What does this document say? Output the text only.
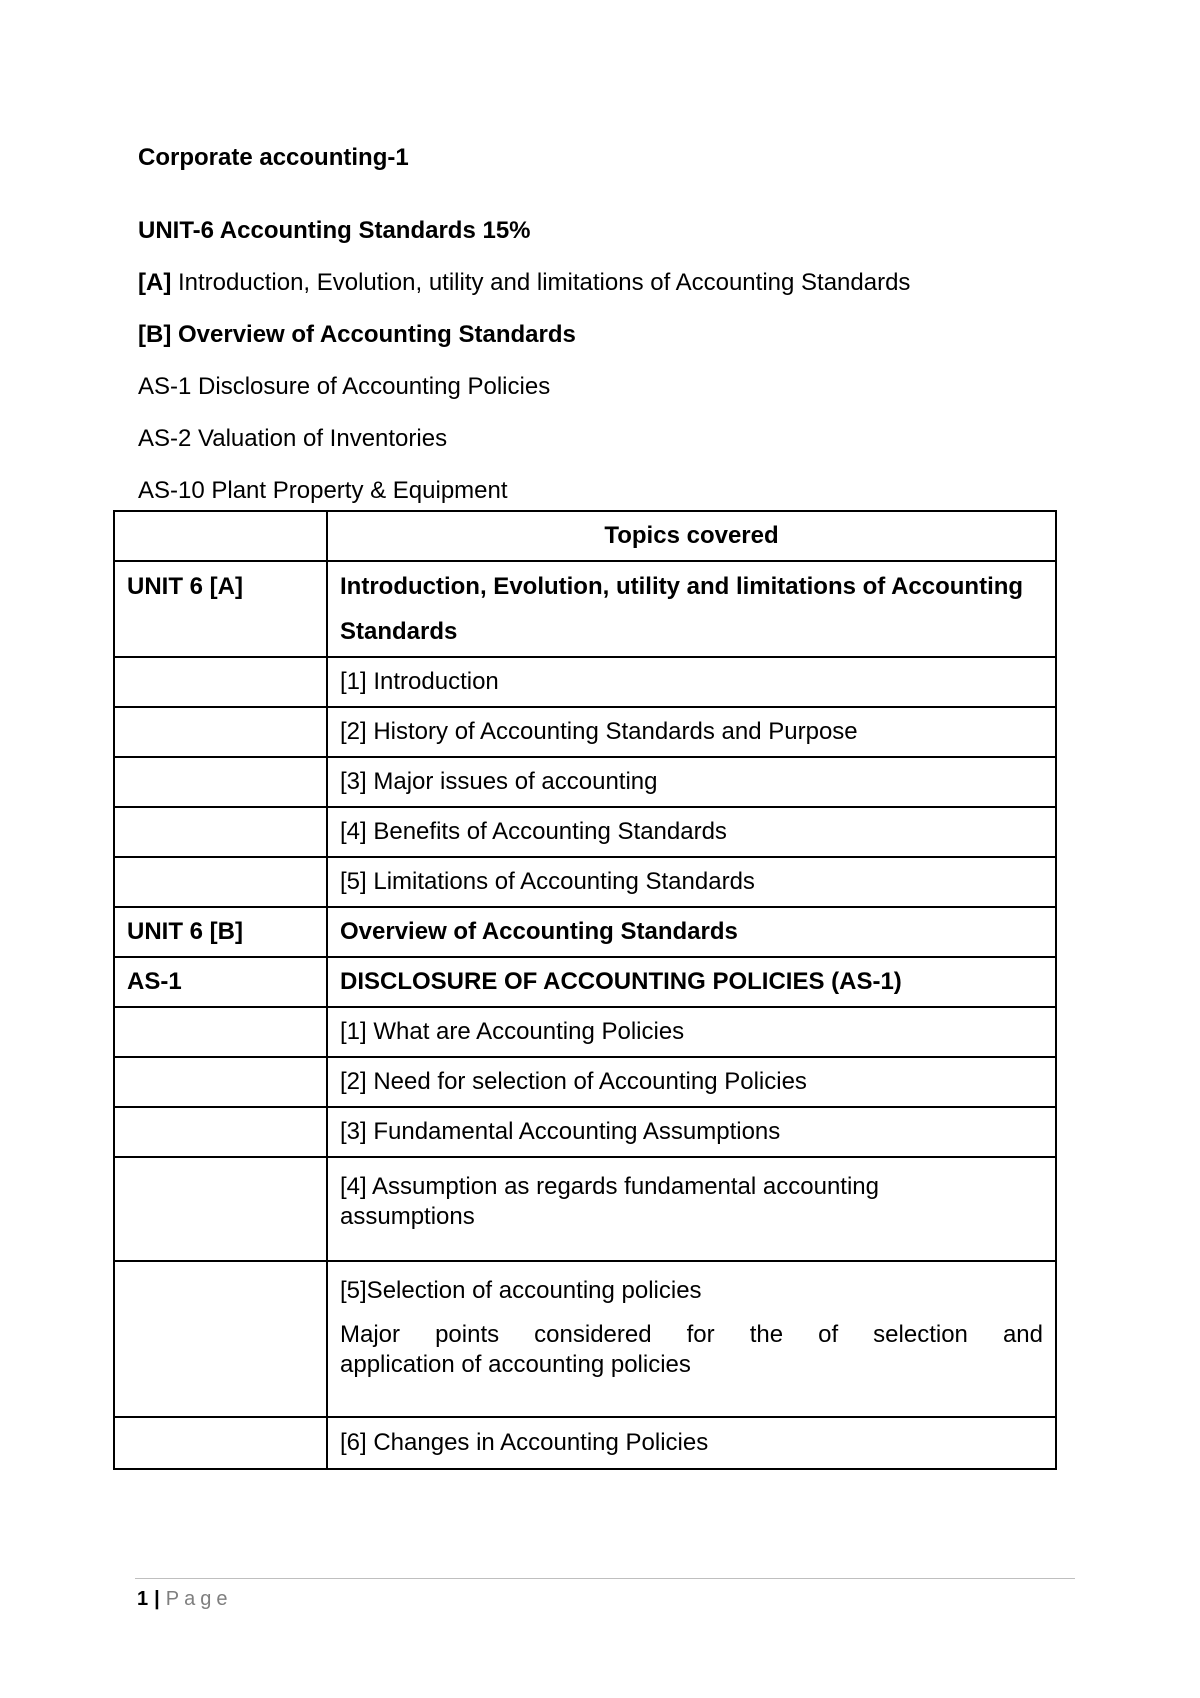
Corporate accounting-1
UNIT-6 Accounting Standards 15%
[A] Introduction, Evolution, utility and limitations of Accounting Standards
[B] Overview of Accounting Standards
AS-1 Disclosure of Accounting Policies
AS-2 Valuation of Inventories
AS-10 Plant Property & Equipment
	Topics covered
UNIT 6 [A]	Introduction, Evolution, utility and limitations of Accounting Standards
	[1] Introduction
	[2] History of Accounting Standards and Purpose
	[3] Major issues of accounting
	[4] Benefits of Accounting Standards
	[5] Limitations of Accounting Standards
UNIT 6 [B]	Overview of Accounting Standards
AS-1	DISCLOSURE OF ACCOUNTING POLICIES (AS-1)
	[1] What are Accounting Policies
	[2] Need for selection of Accounting Policies
	[3] Fundamental Accounting Assumptions
	[4] Assumption as regards fundamental accounting assumptions

	[5]Selection of accounting policies
Major points considered for the of selection and
application of accounting policies

	[6] Changes in Accounting Policies
1 | Page
